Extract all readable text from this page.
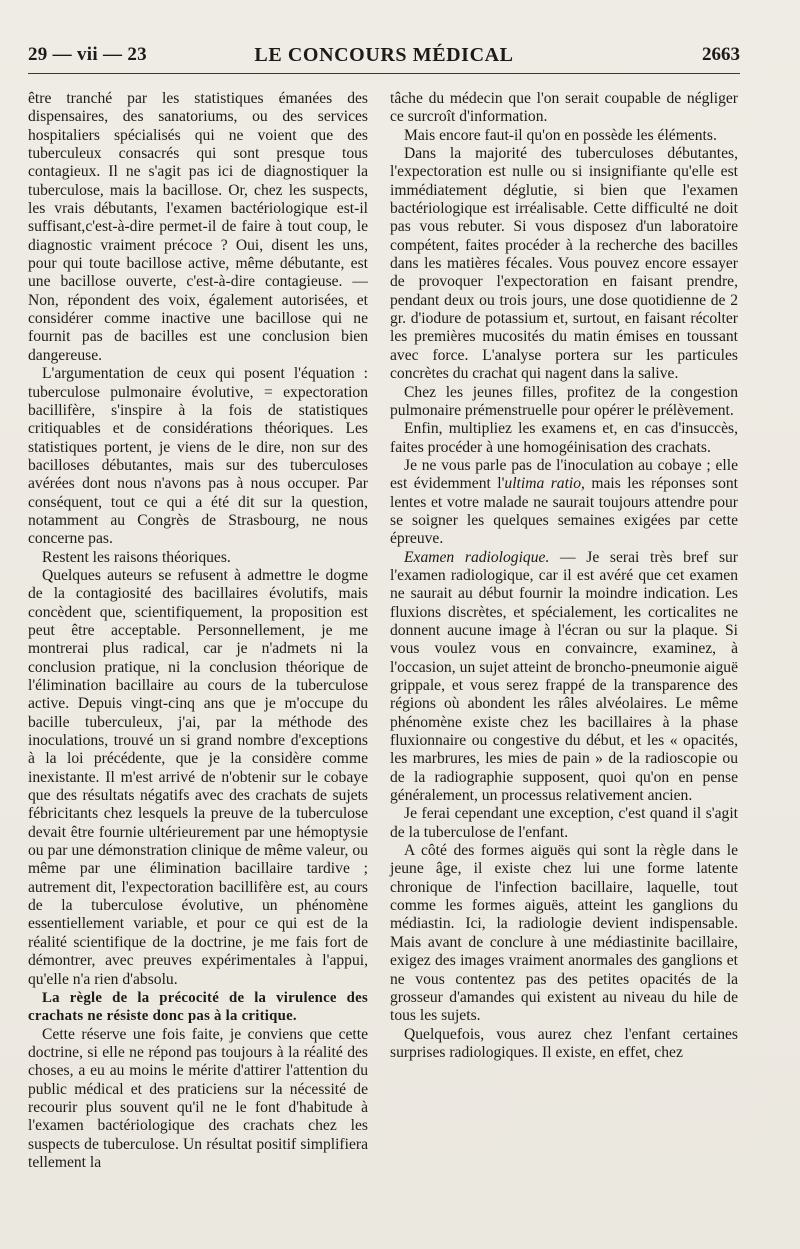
29 — vii — 23	LE CONCOURS MÉDICAL	2663

être tranché par les statistiques émanées des dispensaires, des sanatoriums, ou des services hospitaliers spécialisés qui ne voient que des tuberculeux consacrés qui sont presque tous contagieux. Il ne s'agit pas ici de diagnostiquer la tuberculose, mais la bacillose. Or, chez les suspects, les vrais débutants, l'examen bactériologique est-il suffisant,c'est-à-dire permet-il de faire à tout coup, le diagnostic vraiment précoce ? Oui, disent les uns, pour qui toute bacillose active, même débutante, est une bacillose ouverte, c'est-à-dire contagieuse. — Non, répondent des voix, également autorisées, et considérer comme inactive une bacillose qui ne fournit pas de bacilles est une conclusion bien dangereuse.

L'argumentation de ceux qui posent l'équation : tuberculose pulmonaire évolutive, = expectoration bacillifère, s'inspire à la fois de statistiques critiquables et de considérations théoriques. Les statistiques portent, je viens de le dire, non sur des bacilloses débutantes, mais sur des tuberculoses avérées dont nous n'avons pas à nous occuper. Par conséquent, tout ce qui a été dit sur la question, notamment au Congrès de Strasbourg, ne nous concerne pas.

Restent les raisons théoriques.

Quelques auteurs se refusent à admettre le dogme de la contagiosité des bacillaires évolutifs, mais concèdent que, scientifiquement, la proposition est peut être acceptable. Personnellement, je me montrerai plus radical, car je n'admets ni la conclusion pratique, ni la conclusion théorique de l'élimination bacillaire au cours de la tuberculose active. Depuis vingt-cinq ans que je m'occupe du bacille tuberculeux, j'ai, par la méthode des inoculations, trouvé un si grand nombre d'exceptions à la loi précédente, que je la considère comme inexistante. Il m'est arrivé de n'obtenir sur le cobaye que des résultats négatifs avec des crachats de sujets fébricitants chez lesquels la preuve de la tuberculose devait être fournie ultérieurement par une hémoptysie ou par une démonstration clinique de même valeur, ou même par une élimination bacillaire tardive ; autrement dit, l'expectoration bacillifère est, au cours de la tuberculose évolutive, un phénomène essentiellement variable, et pour ce qui est de la réalité scientifique de la doctrine, je me fais fort de démontrer, avec preuves expérimentales à l'appui, qu'elle n'a rien d'absolu.

La règle de la précocité de la virulence des crachats ne résiste donc pas à la critique.

Cette réserve une fois faite, je conviens que cette doctrine, si elle ne répond pas toujours à la réalité des choses, a eu au moins le mérite d'attirer l'attention du public médical et des praticiens sur la nécessité de recourir plus souvent qu'il ne le font d'habitude à l'examen bactériologique des crachats chez les suspects de tuberculose. Un résultat positif simplifiera tellement la

tâche du médecin que l'on serait coupable de négliger ce surcroît d'information.

Mais encore faut-il qu'on en possède les éléments.

Dans la majorité des tuberculoses débutantes, l'expectoration est nulle ou si insignifiante qu'elle est immédiatement déglutie, si bien que l'examen bactériologique est irréalisable. Cette difficulté ne doit pas vous rebuter. Si vous disposez d'un laboratoire compétent, faites procéder à la recherche des bacilles dans les matières fécales. Vous pouvez encore essayer de provoquer l'expectoration en faisant prendre, pendant deux ou trois jours, une dose quotidienne de 2 gr. d'iodure de potassium et, surtout, en faisant récolter les premières mucosités du matin émises en toussant avec force. L'analyse portera sur les particules concrètes du crachat qui nagent dans la salive.

Chez les jeunes filles, profitez de la congestion pulmonaire prémenstruelle pour opérer le prélèvement.

Enfin, multipliez les examens et, en cas d'insuccès, faites procéder à une homogéinisation des crachats.

Je ne vous parle pas de l'inoculation au cobaye ; elle est évidemment l'ultima ratio, mais les réponses sont lentes et votre malade ne saurait toujours attendre pour se soigner les quelques semaines exigées par cette épreuve.

Examen radiologique. — Je serai très bref sur l'examen radiologique, car il est avéré que cet examen ne saurait au début fournir la moindre indication. Les fluxions discrètes, et spécialement, les corticalites ne donnent aucune image à l'écran ou sur la plaque. Si vous voulez vous en convaincre, examinez, à l'occasion, un sujet atteint de broncho-pneumonie aiguë grippale, et vous serez frappé de la transparence des régions où abondent les râles alvéolaires. Le même phénomène existe chez les bacillaires à la phase fluxionnaire ou congestive du début, et les « opacités, les marbrures, les mies de pain » de la radioscopie ou de la radiographie supposent, quoi qu'on en pense généralement, un processus relativement ancien.

Je ferai cependant une exception, c'est quand il s'agit de la tuberculose de l'enfant.

A côté des formes aiguës qui sont la règle dans le jeune âge, il existe chez lui une forme latente chronique de l'infection bacillaire, laquelle, tout comme les formes aiguës, atteint les ganglions du médiastin. Ici, la radiologie devient indispensable. Mais avant de conclure à une médiastinite bacillaire, exigez des images vraiment anormales des ganglions et ne vous contentez pas des petites opacités de la grosseur d'amandes qui existent au niveau du hile de tous les sujets.

Quelquefois, vous aurez chez l'enfant certaines surprises radiologiques. Il existe, en effet, chez
